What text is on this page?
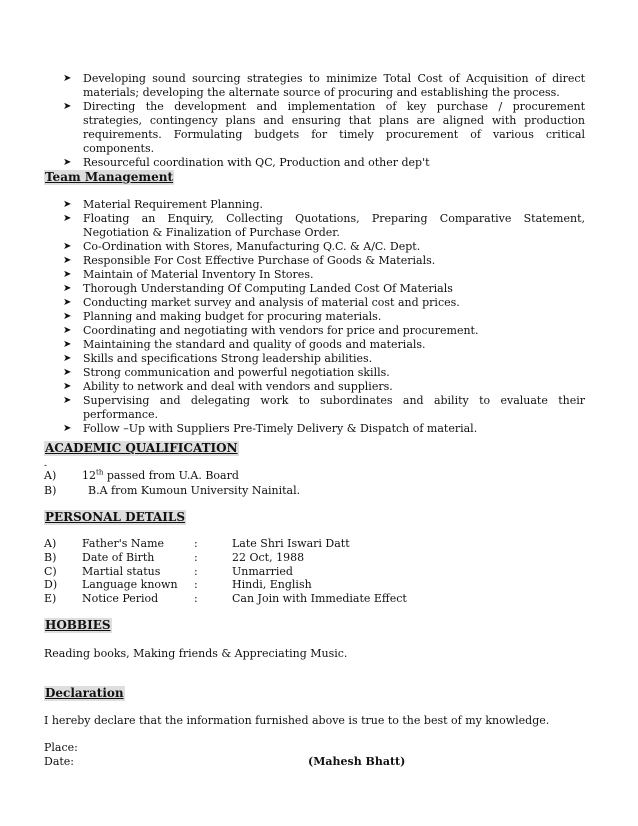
➤ Developing sound sourcing strategies to minimize Total Cost of Acquisition of direct materials; developing the alternate source of procuring and establishing the process.
➤ Directing the development and implementation of key purchase / procurement strategies, contingency plans and ensuring that plans are aligned with production requirements. Formulating budgets for timely procurement of various critical components.
➤ Resourceful coordination with QC, Production and other dep't
Team Management
➤ Material Requirement Planning.
➤ Floating an Enquiry, Collecting Quotations, Preparing Comparative Statement, Negotiation & Finalization of Purchase Order.
➤ Co-Ordination with Stores, Manufacturing Q.C. & A/C. Dept.
➤ Responsible For Cost Effective Purchase of Goods & Materials.
➤ Maintain of Material Inventory In Stores.
➤ Thorough Understanding Of Computing Landed Cost Of Materials
➤ Conducting market survey and analysis of material cost and prices.
➤ Planning and making budget for procuring materials.
➤ Coordinating and negotiating with vendors for price and procurement.
➤ Maintaining the standard and quality of goods and materials.
➤ Skills and specifications Strong leadership abilities.
➤ Strong communication and powerful negotiation skills.
➤ Ability to network and deal with vendors and suppliers.
➤ Supervising and delegating work to subordinates and ability to evaluate their performance.
➤ Follow –Up with Suppliers Pre-Timely Delivery & Dispatch of material.
ACADEMIC QUALIFICATION
-
A) 12th passed from U.A. Board
B)	B.A from Kumoun University Nainital.
PERSONAL DETAILS
A) Father's Name	:	Late Shri Iswari Datt
B) Date of Birth	:	22 Oct, 1988
C) Martial status	:	Unmarried
D) Language known :	Hindi, English
E) Notice Period	:	Can Join with Immediate Effect
HOBBIES
Reading books, Making friends & Appreciating Music.
Declaration
I hereby declare that the information furnished above is true to the best of my knowledge.
Place:
Date:	(Mahesh Bhatt)
